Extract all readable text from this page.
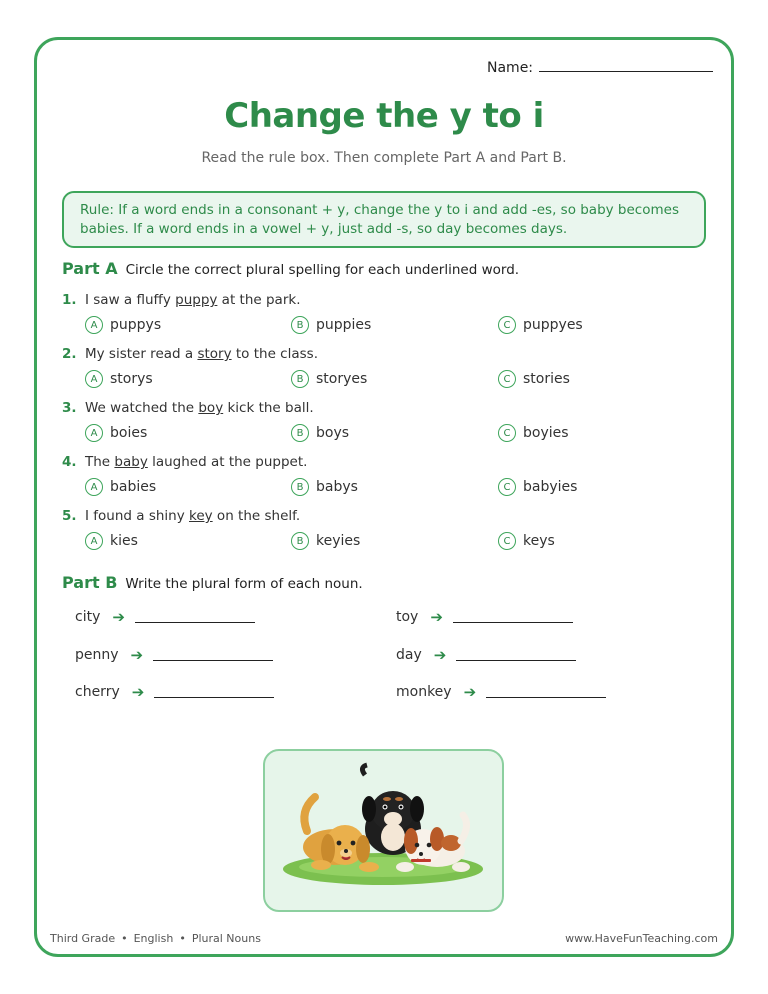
Name:
Change the y to i
Read the rule box. Then complete Part A and Part B.
Rule: If a word ends in a consonant + y, change the y to i and add -es, so baby becomes
babies. If a word ends in a vowel + y, just add -s, so day becomes days.
Part A Circle the correct plural spelling for each underlined word.
1. I saw a fluffy puppy at the park.
A puppys	B puppies	C puppyes
2. My sister read a story to the class.
A storys	B storyes	C stories
3. We watched the boy kick the ball.
A boies	B boys	C boyies
4. The baby laughed at the puppet.
A babies	B babys	C babyies
5. I found a shiny key on the shelf.
A kies	B keyies	C keys
Part B Write the plural form of each noun.
city ➔	toy ➔
penny ➔	day ➔
cherry ➔	monkey ➔
Third Grade • English • Plural Nouns	www.HaveFunTeaching.com
